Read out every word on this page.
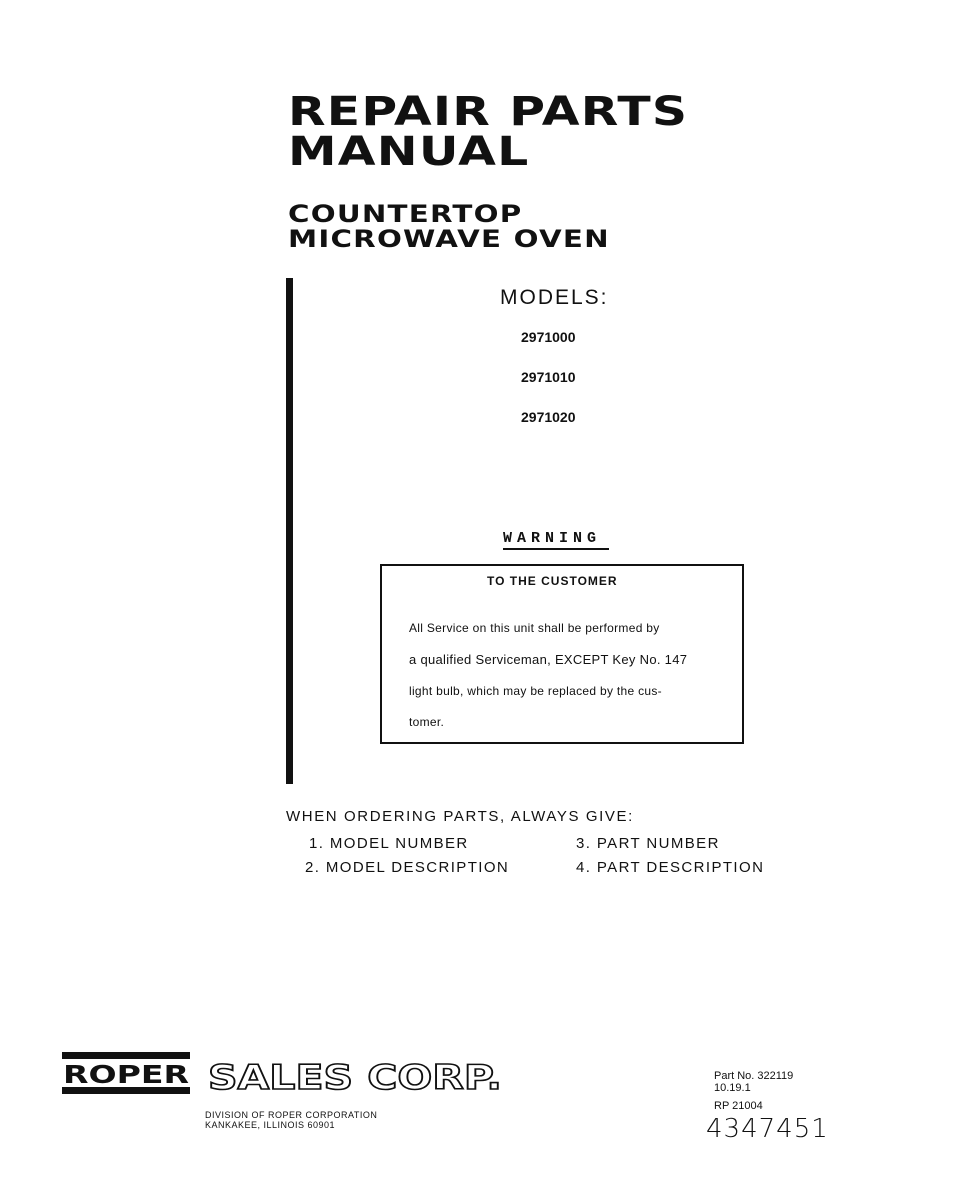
REPAIR PARTS
MANUAL
COUNTERTOP
MICROWAVE OVEN
MODELS:
2971000
2971010
2971020
WARNING
TO THE CUSTOMER
All Service on this unit shall be performed by
a qualified Serviceman, EXCEPT Key No. 147
light bulb, which may be replaced by the cus-
tomer.
WHEN ORDERING PARTS, ALWAYS GIVE:
1. MODEL NUMBER
2. MODEL DESCRIPTION
3. PART NUMBER
4. PART DESCRIPTION
ROPER SALES CORP.
DIVISION OF ROPER CORPORATION
KANKAKEE, ILLINOIS 60901
Part No. 322119
10.19.1
RP 21004
4347451
